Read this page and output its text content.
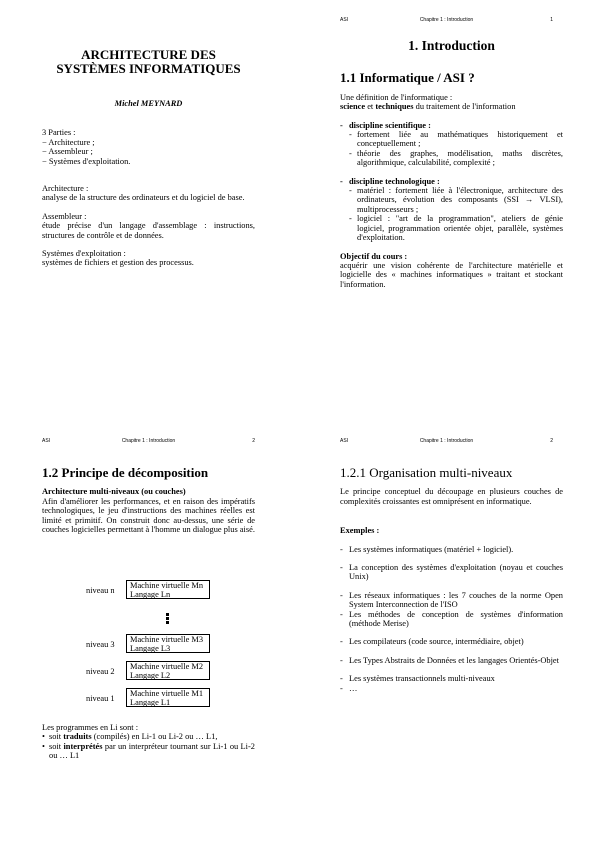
ARCHITECTURE DES
SYSTÈMES INFORMATIQUES
Michel MEYNARD
3 Parties :
− Architecture ;
− Assembleur ;
− Systèmes d'exploitation.
Architecture :
analyse de la structure des ordinateurs et du logiciel de base.
Assembleur :
étude précise d'un langage d'assemblage : instructions, structures de contrôle et de données.
Systèmes d'exploitation :
systèmes de fichiers et gestion des processus.
ASI	Chapitre 1 : Introduction	1
1. Introduction
1.1 Informatique / ASI ?
Une définition de l'informatique :
science et techniques du traitement de l'information
- discipline scientifique :
- fortement liée au mathématiques historiquement et conceptuellement ;
- théorie des graphes, modélisation, maths discrètes, algorithmique, calculabilité, complexité ;
- discipline technologique :
- matériel : fortement liée à l'électronique, architecture des ordinateurs, évolution des composants (SSI → VLSI), multiprocesseurs ;
- logiciel : "art de la programmation", ateliers de génie logiciel, programmation orientée objet, parallèle, systèmes d'exploitation.
Objectif du cours :
acquérir une vision cohérente de l'architecture matérielle et logicielle des « machines informatiques » traitant et stockant l'information.
ASI	Chapitre 1 : Introduction	2
1.2 Principe de décomposition
Architecture multi-niveaux (ou couches)
Afin d'améliorer les performances, et en raison des impératifs technologiques, le jeu d'instructions des machines réelles est limité et primitif. On construit donc au-dessus, une série de couches logicielles permettant à l'homme un dialogue plus aisé.
niveau n
Machine virtuelle Mn
Langage Ln
niveau 3
Machine virtuelle M3
Langage L3
niveau 2
Machine virtuelle M2
Langage L2
niveau 1
Machine virtuelle M1
Langage L1
Les programmes en Li sont :
• soit traduits (compilés) en Li-1 ou Li-2 ou … L1,
• soit interprétés par un interpréteur tournant sur Li-1 ou Li-2 ou … L1
ASI	Chapitre 1 : Introduction	2
1.2.1 Organisation multi-niveaux
Le principe conceptuel du découpage en plusieurs couches de complexités croissantes est omniprésent en informatique.
Exemples :
- Les systèmes informatiques (matériel + logiciel).
- La conception des systèmes d'exploitation (noyau et couches Unix)
- Les réseaux informatiques : les 7 couches de la norme Open System Interconnection de l'ISO
- Les méthodes de conception de systèmes d'information (méthode Merise)
- Les compilateurs (code source, intermédiaire, objet)
- Les Types Abstraits de Données et les langages Orientés-Objet
- Les systèmes transactionnels multi-niveaux
- …
